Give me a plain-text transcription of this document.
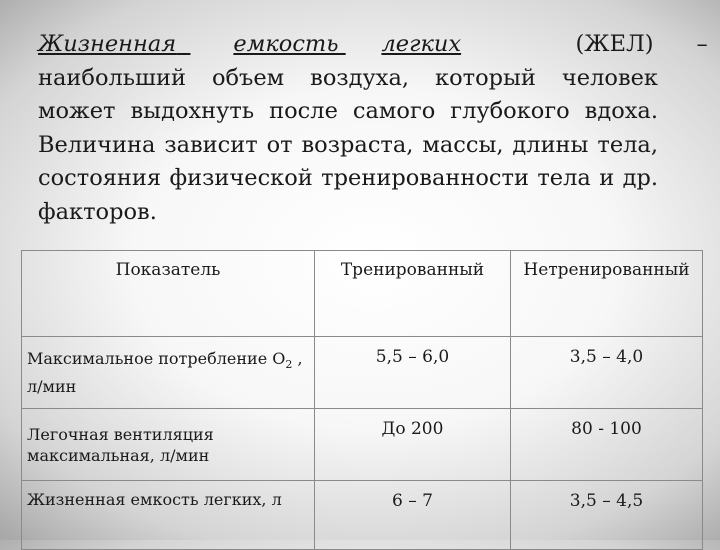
Жизненная	емкость легких	(ЖЕЛ) – наибольший объем воздуха, который человек может выдохнуть после самого глубокого вдоха. Величина зависит от возраста, массы, длины тела, состояния физической тренированности тела и др. факторов.

Показатель	Тренированный	Нетренированный
Максимальное потребление $O_2$ , л/мин	5,5 – 6,0	3,5 – 4,0
Легочная вентиляция максимальная, л/мин	До 200	80 - 100
Жизненная емкость легких, л	6 – 7	3,5 – 4,5
